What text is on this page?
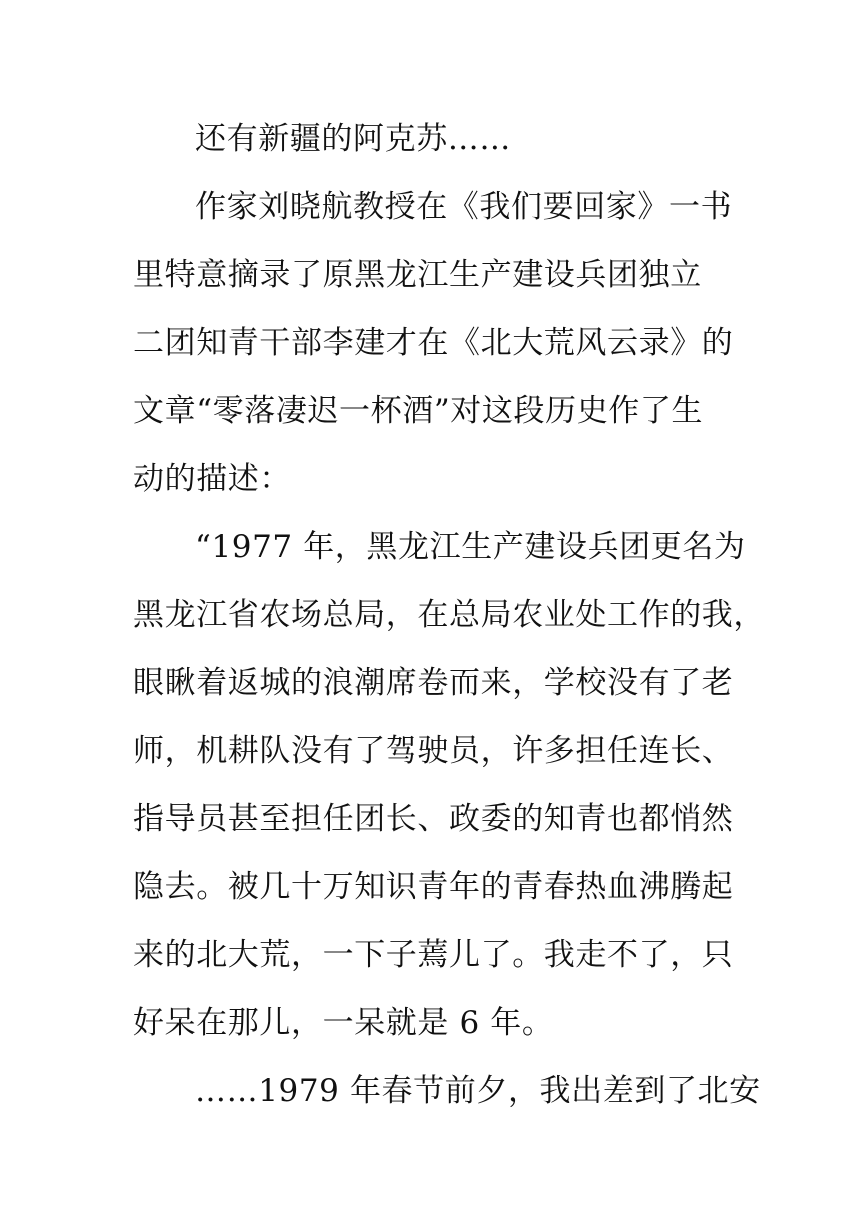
还有新疆的阿克苏……
作家刘晓航教授在《我们要回家》一书
里特意摘录了原黑龙江生产建设兵团独立
二团知青干部李建才在《北大荒风云录》的
文章“零落凄迟一杯酒”对这段历史作了生
动的描述：
“1977 年，黑龙江生产建设兵团更名为
黑龙江省农场总局，在总局农业处工作的我，
眼瞅着返城的浪潮席卷而来，学校没有了老
师，机耕队没有了驾驶员，许多担任连长、
指导员甚至担任团长、政委的知青也都悄然
隐去。被几十万知识青年的青春热血沸腾起
来的北大荒，一下子蔫儿了。我走不了，只
好呆在那儿，一呆就是 6 年。
……1979 年春节前夕，我出差到了北安
